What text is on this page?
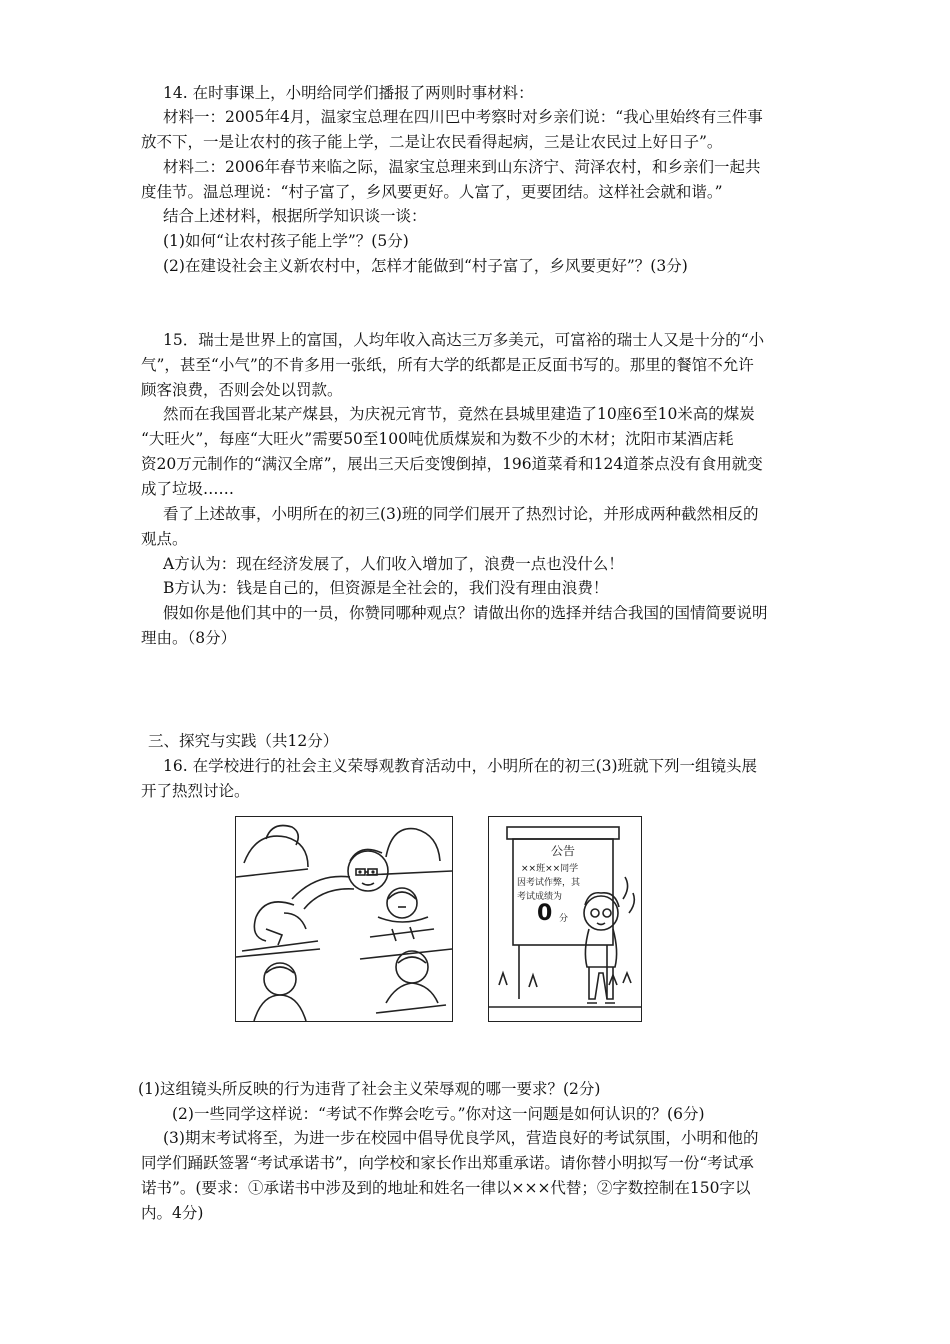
14. 在时事课上，小明给同学们播报了两则时事材料：
材料一：2005年4月，温家宝总理在四川巴中考察时对乡亲们说：“我心里始终有三件事
放不下，一是让农村的孩子能上学，二是让农民看得起病，三是让农民过上好日子”。
材料二：2006年春节来临之际，温家宝总理来到山东济宁、菏泽农村，和乡亲们一起共
度佳节。温总理说：“村子富了，乡风要更好。人富了，更要团结。这样社会就和谐。”
结合上述材料，根据所学知识谈一谈：
(1)如何“让农村孩子能上学”？(5分)
(2)在建设社会主义新农村中，怎样才能做到“村子富了，乡风要更好”？(3分)
15．瑞士是世界上的富国，人均年收入高达三万多美元，可富裕的瑞士人又是十分的“小
气”，甚至“小气”的不肯多用一张纸，所有大学的纸都是正反面书写的。那里的餐馆不允许
顾客浪费，否则会处以罚款。
然而在我国晋北某产煤县，为庆祝元宵节，竟然在县城里建造了10座6至10米高的煤炭
“大旺火”，每座“大旺火”需要50至100吨优质煤炭和为数不少的木材；沈阳市某酒店耗
资20万元制作的“满汉全席”，展出三天后变馊倒掉，196道菜肴和124道茶点没有食用就变
成了垃圾……
看了上述故事，小明所在的初三(3)班的同学们展开了热烈讨论，并形成两种截然相反的
观点。
A方认为：现在经济发展了，人们收入增加了，浪费一点也没什么！
B方认为：钱是自己的，但资源是全社会的，我们没有理由浪费！
假如你是他们其中的一员，你赞同哪种观点？请做出你的选择并结合我国的国情简要说明
理由。（8分）
三、探究与实践（共12分）
16. 在学校进行的社会主义荣辱观教育活动中，小明所在的初三(3)班就下列一组镜头展
开了热烈讨论。
公告
××班××同学
因考试作弊，其
考试成绩为
0 分
(1)这组镜头所反映的行为违背了社会主义荣辱观的哪一要求？(2分)
(2)一些同学这样说：“考试不作弊会吃亏。”你对这一问题是如何认识的？(6分)
(3)期末考试将至，为进一步在校园中倡导优良学风，营造良好的考试氛围，小明和他的
同学们踊跃签署“考试承诺书”，向学校和家长作出郑重承诺。请你替小明拟写一份“考试承
诺书”。(要求：①承诺书中涉及到的地址和姓名一律以×××代替；②字数控制在150字以
内。4分)
